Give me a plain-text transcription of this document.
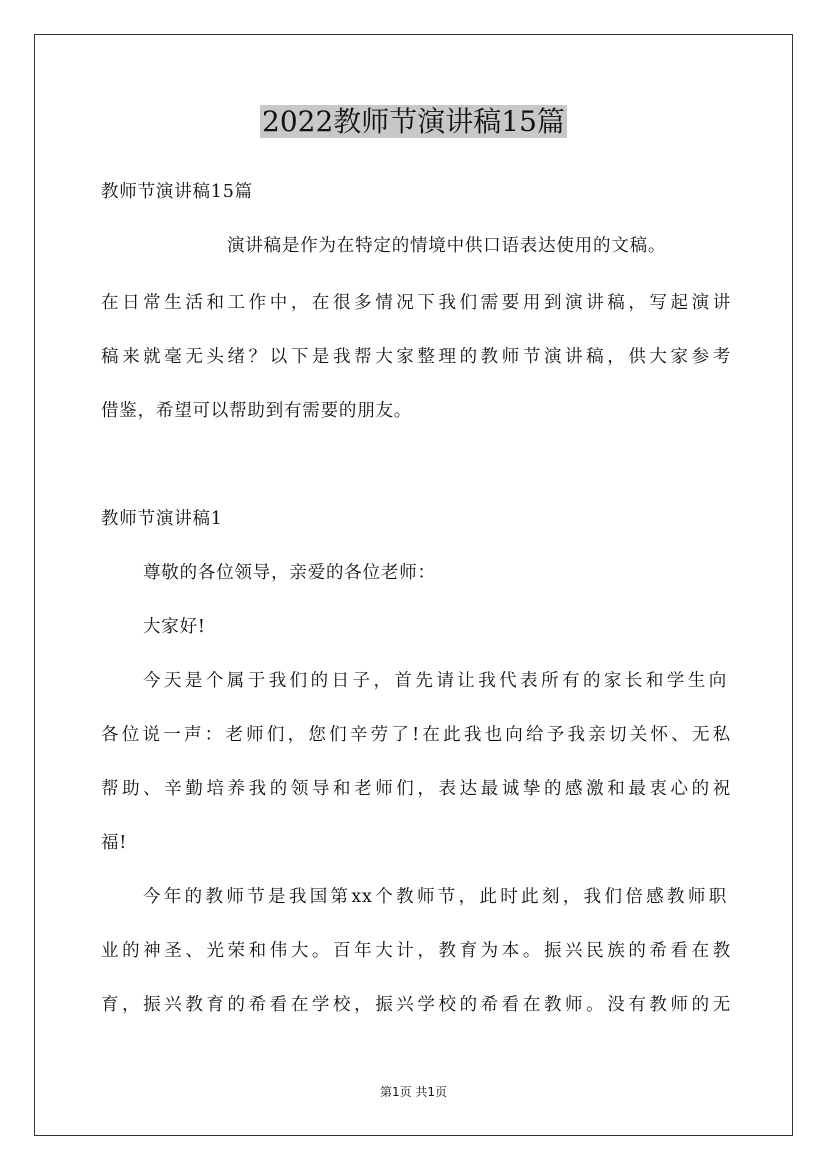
2022教师节演讲稿15篇
教师节演讲稿15篇
演讲稿是作为在特定的情境中供口语表达使用的文稿。
在日常生活和工作中，在很多情况下我们需要用到演讲稿，写起演讲
稿来就毫无头绪？以下是我帮大家整理的教师节演讲稿，供大家参考
借鉴，希望可以帮助到有需要的朋友。
教师节演讲稿1
尊敬的各位领导，亲爱的各位老师：
大家好!
今天是个属于我们的日子，首先请让我代表所有的家长和学生向
各位说一声：老师们，您们辛劳了!在此我也向给予我亲切关怀、无私
帮助、辛勤培养我的领导和老师们，表达最诚挚的感激和最衷心的祝
福!
今年的教师节是我国第xx个教师节，此时此刻，我们倍感教师职
业的神圣、光荣和伟大。百年大计，教育为本。振兴民族的希看在教
育，振兴教育的希看在学校，振兴学校的希看在教师。没有教师的无
第1页 共1页
